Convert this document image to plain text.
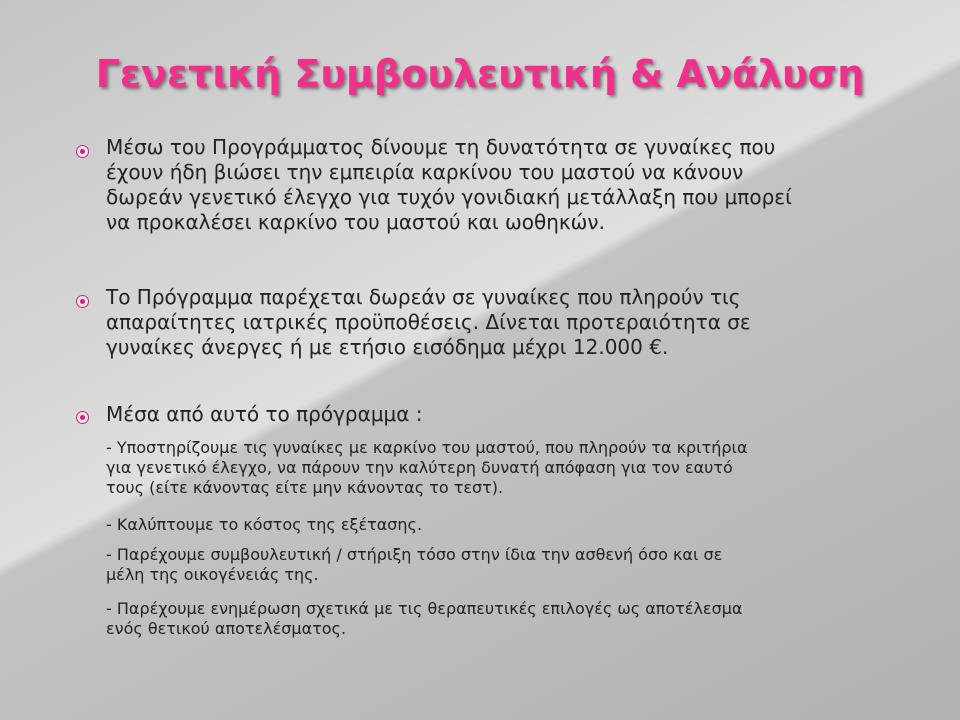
Γενετική Συμβουλευτική & Ανάλυση

Μέσω του Προγράμματος δίνουμε τη δυνατότητα σε γυναίκες που
έχουν ήδη βιώσει την εμπειρία καρκίνου του μαστού να κάνουν
δωρεάν γενετικό έλεγχο για τυχόν γονιδιακή μετάλλαξη που μπορεί
να προκαλέσει καρκίνο του μαστού και ωοθηκών.

Το Πρόγραμμα παρέχεται δωρεάν σε γυναίκες που πληρούν τις
απαραίτητες ιατρικές προϋποθέσεις. Δίνεται προτεραιότητα σε
γυναίκες άνεργες ή με ετήσιο εισόδημα μέχρι 12.000 €.

Μέσα από αυτό το πρόγραμμα :

- Υποστηρίζουμε τις γυναίκες με καρκίνο του μαστού, που πληρούν τα κριτήρια
για γενετικό έλεγχο, να πάρουν την καλύτερη δυνατή απόφαση για τον εαυτό
τους (είτε κάνοντας είτε μην κάνοντας το τεστ).

- Καλύπτουμε το κόστος της εξέτασης.

- Παρέχουμε συμβουλευτική / στήριξη τόσο στην ίδια την ασθενή όσο και σε
μέλη της οικογένειάς της.

- Παρέχουμε ενημέρωση σχετικά με τις θεραπευτικές επιλογές ως αποτέλεσμα
ενός θετικού αποτελέσματος.
